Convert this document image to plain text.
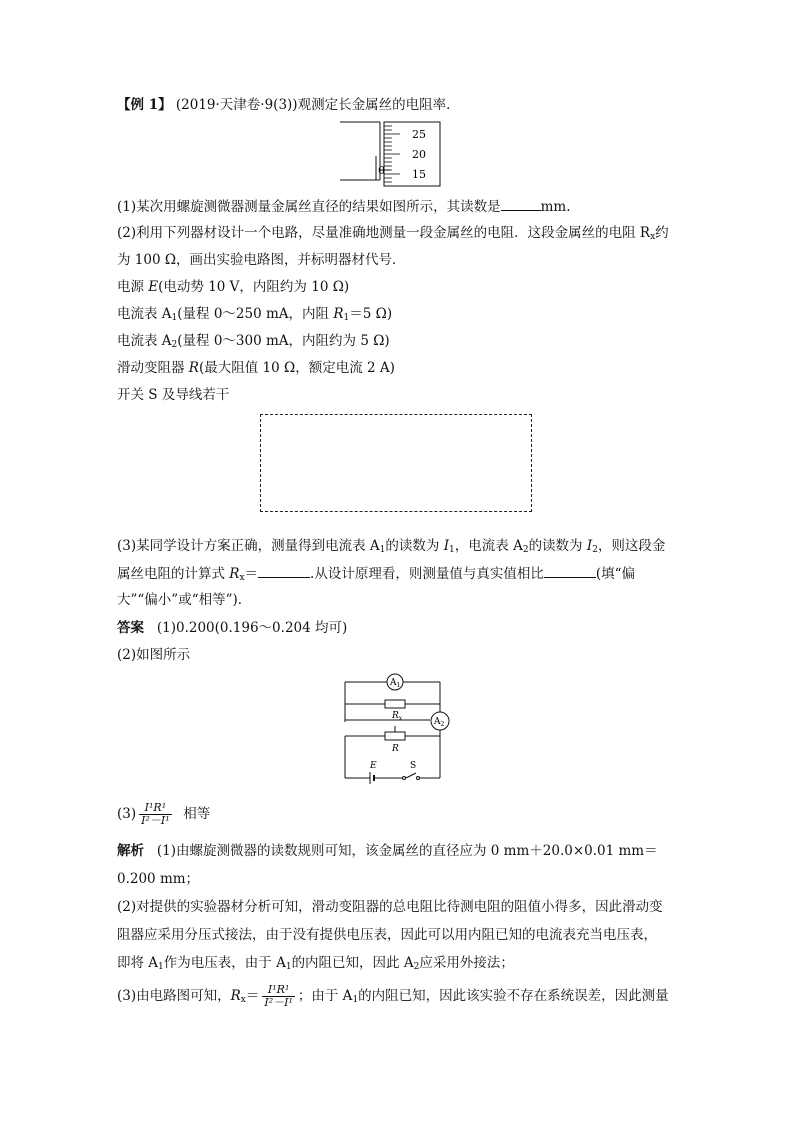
【例 1】 (2019·天津卷·9(3))观测定长金属丝的电阻率．
25
20
15
0
(1)某次用螺旋测微器测量金属丝直径的结果如图所示，其读数是	mm.
(2)利用下列器材设计一个电路，尽量准确地测量一段金属丝的电阻．这段金属丝的电阻 $R_x$约
为 100 Ω，画出实验电路图，并标明器材代号．
电源 E(电动势 10 V，内阻约为 10 Ω)
电流表 $A_1$(量程 0～250 mA，内阻 $R_1=5$ Ω)
电流表 $A_2$(量程 0～300 mA，内阻约为 5 Ω)
滑动变阻器 R(最大阻值 10 Ω，额定电流 2 A)
开关 S 及导线若干
(3)某同学设计方案正确，测量得到电流表 $A_1$的读数为 $I_1$，电流表 $A_2$的读数为 $I_2$，则这段金
属丝电阻的计算式 $R_x=$	.从设计原理看，则测量值与真实值相比	(填“偏
大”“偏小”或“相等”)．
答案 (1)0.200(0.196～0.204 均可)
(2)如图所示
$A_1$
$A_2$
$R_x$
R
E	S
$(3) \frac{\text{I¹R¹}}{\text{I²－I¹}}$ 相等
解析 (1)由螺旋测微器的读数规则可知，该金属丝的直径应为 0 mm＋20.0×0.01 mm＝
0.200 mm；
(2)对提供的实验器材分析可知，滑动变阻器的总电阻比待测电阻的阻值小得多，因此滑动变
阻器应采用分压式接法，由于没有提供电压表，因此可以用内阻已知的电流表充当电压表，
即将 $A_1$作为电压表，由于 $A_1$的内阻已知，因此 $A_2$应采用外接法；
(3)由电路图可知，$R_x= \frac{\text{I¹R¹}}{\text{I²－I¹}}$ ；由于 $A_1$的内阻已知，因此该实验不存在系统误差，因此测量
